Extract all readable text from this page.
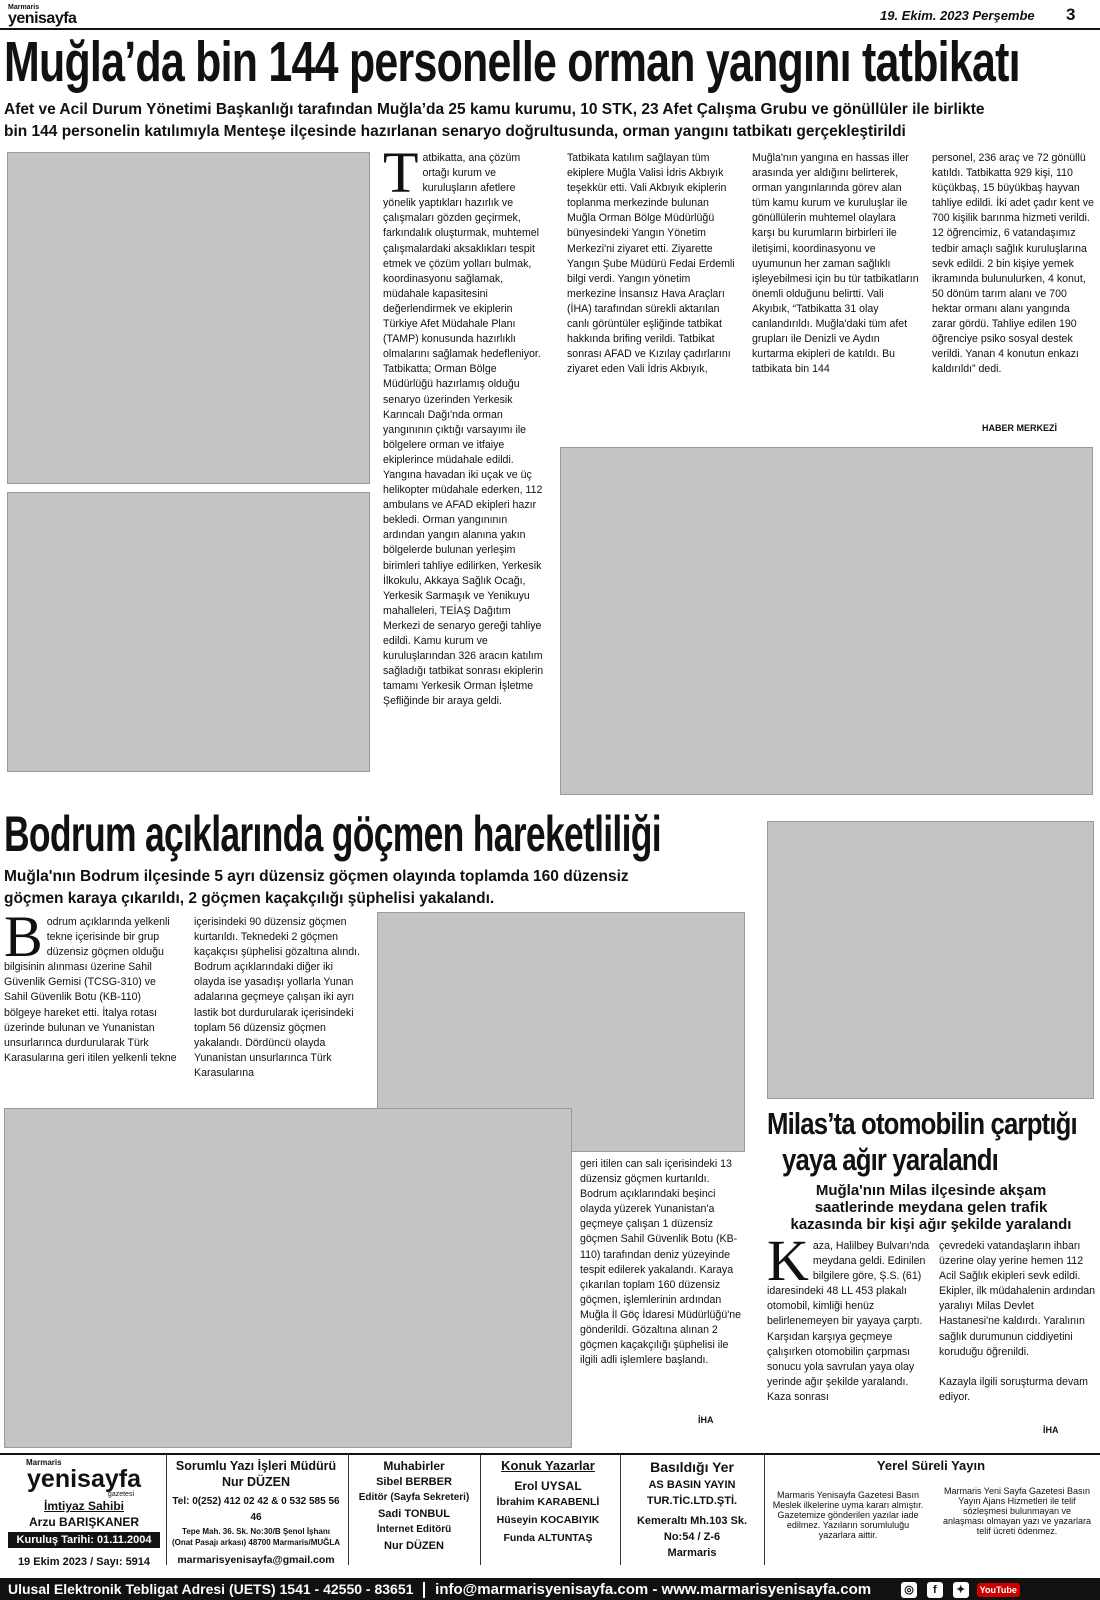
Marmaris
yenisayfa	19. Ekim. 2023 Perşembe 3
Muğla’da bin 144 personelle orman yangını tatbikatı
Afet ve Acil Durum Yönetimi Başkanlığı tarafından Muğla’da 25 kamu kurumu, 10 STK, 23 Afet Çalışma Grubu ve gönüllüler ile birlikte
bin 144 personelin katılımıyla Menteşe ilçesinde hazırlanan senaryo doğrultusunda, orman yangını tatbikatı gerçekleştirildi
T atbikatta, ana çözüm ortağı kurum ve kuruluşların afetlere yönelik yaptıkları hazırlık ve çalışmaları gözden geçirmek, farkındalık oluşturmak, muhtemel çalışmalardaki aksaklıkları tespit etmek ve çözüm yolları bulmak, koordinasyonu sağlamak, müdahale kapasitesini değerlendirmek ve ekiplerin Türkiye Afet Müdahale Planı (TAMP) konusunda hazırlıklı olmalarını sağlamak hedefleniyor. Tatbikatta; Orman Bölge Müdürlüğü hazırlamış olduğu senaryo üzerinden Yerkesik Karıncalı Dağı'nda orman yangınının çıktığı varsayımı ile bölgelere orman ve itfaiye ekiplerince müdahale edildi. Yangına havadan iki uçak ve üç helikopter müdahale ederken, 112 ambulans ve AFAD ekipleri hazır bekledi. Orman yangınının ardından yangın alanına yakın bölgelerde bulunan yerleşim birimleri tahliye edilirken, Yerkesik İlkokulu, Akkaya Sağlık Ocağı, Yerkesik Sarmaşık ve Yenikuyu mahalleleri, TEİAŞ Dağıtım Merkezi de senaryo gereği tahliye edildi. Kamu kurum ve kuruluşlarından 326 aracın katılım sağladığı tatbikat sonrası ekiplerin tamamı Yerkesik Orman İşletme Şefliğinde bir araya geldi.
Tatbikata katılım sağlayan tüm ekiplere Muğla Valisi İdris Akbıyık teşekkür etti. Vali Akbıyık ekiplerin toplanma merkezinde bulunan Muğla Orman Bölge Müdürlüğü bünyesindeki Yangın Yönetim Merkezi'ni ziyaret etti. Ziyarette Yangın Şube Müdürü Fedai Erdemli bilgi verdi. Yangın yönetim merkezine İnsansız Hava Araçları (İHA) tarafından sürekli aktarılan canlı görüntüler eşliğinde tatbikat hakkında brifing verildi. Tatbikat sonrası AFAD ve Kızılay çadırlarını ziyaret eden Vali İdris Akbıyık,
Muğla'nın yangına en hassas iller arasında yer aldığını belirterek, orman yangınlarında görev alan tüm kamu kurum ve kuruluşlar ile gönüllülerin muhtemel olaylara karşı bu kurumların birbirleri ile iletişimi, koordinasyonu ve uyumunun her zaman sağlıklı işleyebilmesi için bu tür tatbikatların önemli olduğunu belirtti. Vali Akyıbık, “Tatbikatta 31 olay canlandırıldı. Muğla'daki tüm afet grupları ile Denizli ve Aydın kurtarma ekipleri de katıldı. Bu tatbikata bin 144
personel, 236 araç ve 72 gönüllü katıldı. Tatbikatta 929 kişi, 110 küçükbaş, 15 büyükbaş hayvan tahliye edildi. İki adet çadır kent ve 700 kişilik barınma hizmeti verildi. 12 öğrencimiz, 6 vatandaşımız tedbir amaçlı sağlık kuruluşlarına sevk edildi. 2 bin kişiye yemek ikramında bulunulurken, 4 konut, 50 dönüm tarım alanı ve 700 hektar ormanı alanı yangında zarar gördü. Tahliye edilen 190 öğrenciye psiko sosyal destek verildi. Yanan 4 konutun enkazı kaldırıldı” dedi.
HABER MERKEZİ
Bodrum açıklarında göçmen hareketliliği
Muğla'nın Bodrum ilçesinde 5 ayrı düzensiz göçmen olayında toplamda 160 düzensiz
göçmen karaya çıkarıldı, 2 göçmen kaçakçılığı şüphelisi yakalandı.
B odrum açıklarında yelkenli tekne içerisinde bir grup düzensiz göçmen olduğu bilgisinin alınması üzerine Sahil Güvenlik Gemisi (TCSG-310) ve Sahil Güvenlik Botu (KB-110) bölgeye hareket etti. İtalya rotası üzerinde bulunan ve Yunanistan unsurlarınca durdurularak Türk Karasularına geri itilen yelkenli tekne
içerisindeki 90 düzensiz göçmen kurtarıldı. Teknedeki 2 göçmen kaçakçısı şüphelisi gözaltına alındı. Bodrum açıklarındaki diğer iki olayda ise yasadışı yollarla Yunan adalarına geçmeye çalışan iki ayrı lastik bot durdurularak içerisindeki toplam 56 düzensiz göçmen yakalandı. Dördüncü olayda Yunanistan unsurlarınca Türk Karasularına
geri itilen can salı içerisindeki 13 düzensiz göçmen kurtarıldı. Bodrum açıklarındaki beşinci olayda yüzerek Yunanistan'a geçmeye çalışan 1 düzensiz göçmen Sahil Güvenlik Botu (KB-110) tarafından deniz yüzeyinde tespit edilerek yakalandı. Karaya çıkarılan toplam 160 düzensiz göçmen, işlemlerinin ardından Muğla İl Göç İdaresi Müdürlüğü'ne gönderildi. Gözaltına alınan 2 göçmen kaçakçılığı şüphelisi ile ilgili adli işlemlere başlandı.
İHA
Milas’ta otomobilin çarptığı
yaya ağır yaralandı
Muğla'nın Milas ilçesinde akşam
saatlerinde meydana gelen trafik
kazasında bir kişi ağır şekilde yaralandı
K aza, Halilbey Bulvarı'nda meydana geldi. Edinilen bilgilere göre, Ş.S. (61) idaresindeki 48 LL 453 plakalı otomobil, kimliği henüz belirlenemeyen bir yayaya çarptı. Karşıdan karşıya geçmeye çalışırken otomobilin çarpması sonucu yola savrulan yaya olay yerinde ağır şekilde yaralandı. Kaza sonrası

çevredeki vatandaşların ihbarı üzerine olay yerine hemen 112 Acil Sağlık ekipleri sevk edildi. Ekipler, ilk müdahalenin ardından yaralıyı Milas Devlet Hastanesi'ne kaldırdı. Yaralının sağlık durumunun ciddiyetini koruduğu öğrenildi.

Kazayla ilgili soruşturma devam ediyor.

İHA
Marmaris
yenisayfa
gazetesi
İmtiyaz Sahibi
Arzu BARIŞKANER
Kuruluş Tarihi: 01.11.2004
19 Ekim 2023 / Sayı: 5914
Sorumlu Yazı İşleri Müdürü
Nur DÜZEN
Tel: 0(252) 412 02 42 & 0 532 585 56 46
Tepe Mah. 36. Sk. No:30/B Şenol İşhanı
(Onat Pasajı arkası) 48700 Marmaris/MUĞLA
marmarisyenisayfa@gmail.com
Muhabirler
Sibel BERBER
Editör (Sayfa Sekreteri)
Sadi TONBUL
İnternet Editörü
Nur DÜZEN
Konuk Yazarlar
Erol UYSAL
İbrahim KARABENLİ
Hüseyin KOCABIYIK
Funda ALTUNTAŞ
Basıldığı Yer
AS BASIN YAYIN
TUR.TİC.LTD.ŞTİ.
Kemeraltı Mh.103 Sk.
No:54 / Z-6
Marmaris
Yerel Süreli Yayın
Marmaris Yenisayfa Gazetesi Basın Meslek ilkelerine uyma kararı almıştır. Gazetemize gönderilen yazılar iade edilmez. Yazıların sorumluluğu yazarlara aittir.
Marmaris Yeni Sayfa Gazetesi Basın Yayın Ajans Hizmetleri ile telif sözleşmesi bulunmayan ve anlaşması olmayan yazı ve yazarlara telif ücreti ödenmez.
Ulusal Elektronik Tebligat Adresi (UETS) 1541 - 42550 - 83651 info@marmarisyenisayfa.com - www.marmarisyenisayfa.com	◎ f ✦ YouTube
